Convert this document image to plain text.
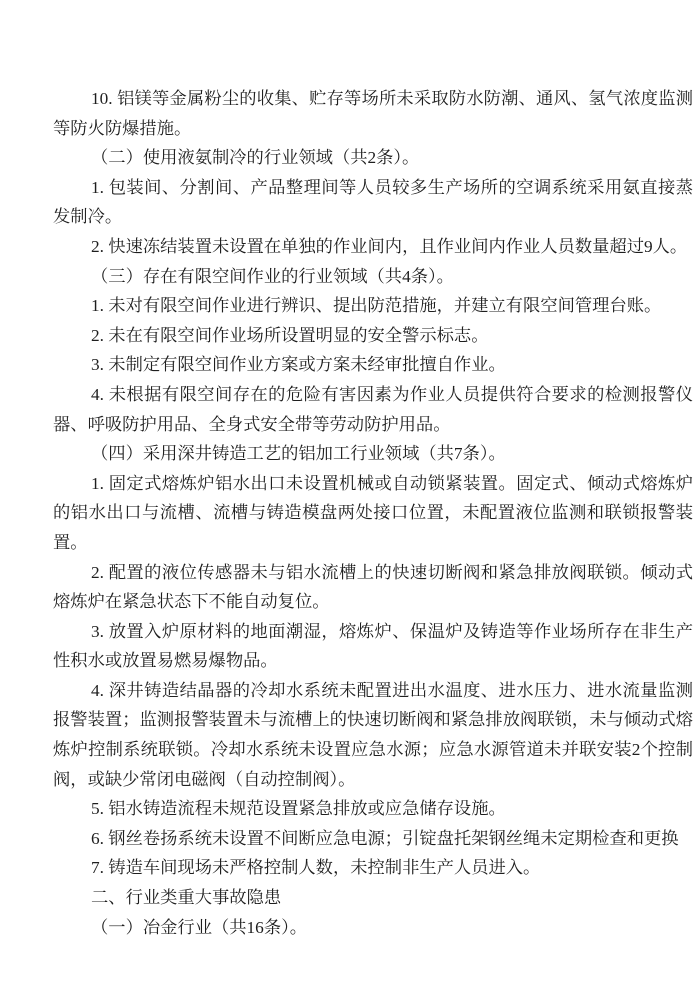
10. 铝镁等金属粉尘的收集、贮存等场所未采取防水防潮、通风、氢气浓度监测等防火防爆措施。

（二）使用液氨制冷的行业领域（共2条）。

1. 包装间、分割间、产品整理间等人员较多生产场所的空调系统采用氨直接蒸发制冷。

2. 快速冻结装置未设置在单独的作业间内，且作业间内作业人员数量超过9人。

（三）存在有限空间作业的行业领域（共4条）。

1. 未对有限空间作业进行辨识、提出防范措施，并建立有限空间管理台账。

2. 未在有限空间作业场所设置明显的安全警示标志。

3. 未制定有限空间作业方案或方案未经审批擅自作业。

4. 未根据有限空间存在的危险有害因素为作业人员提供符合要求的检测报警仪器、呼吸防护用品、全身式安全带等劳动防护用品。

（四）采用深井铸造工艺的铝加工行业领域（共7条）。

1. 固定式熔炼炉铝水出口未设置机械或自动锁紧装置。固定式、倾动式熔炼炉的铝水出口与流槽、流槽与铸造模盘两处接口位置，未配置液位监测和联锁报警装置。

2. 配置的液位传感器未与铝水流槽上的快速切断阀和紧急排放阀联锁。倾动式熔炼炉在紧急状态下不能自动复位。

3. 放置入炉原材料的地面潮湿，熔炼炉、保温炉及铸造等作业场所存在非生产性积水或放置易燃易爆物品。

4. 深井铸造结晶器的冷却水系统未配置进出水温度、进水压力、进水流量监测报警装置；监测报警装置未与流槽上的快速切断阀和紧急排放阀联锁，未与倾动式熔炼炉控制系统联锁。冷却水系统未设置应急水源；应急水源管道未并联安装2个控制阀，或缺少常闭电磁阀（自动控制阀）。

5. 铝水铸造流程未规范设置紧急排放或应急储存设施。

6. 钢丝卷扬系统未设置不间断应急电源；引锭盘托架钢丝绳未定期检查和更换

7. 铸造车间现场未严格控制人数，未控制非生产人员进入。

二、行业类重大事故隐患

（一）冶金行业（共16条）。
